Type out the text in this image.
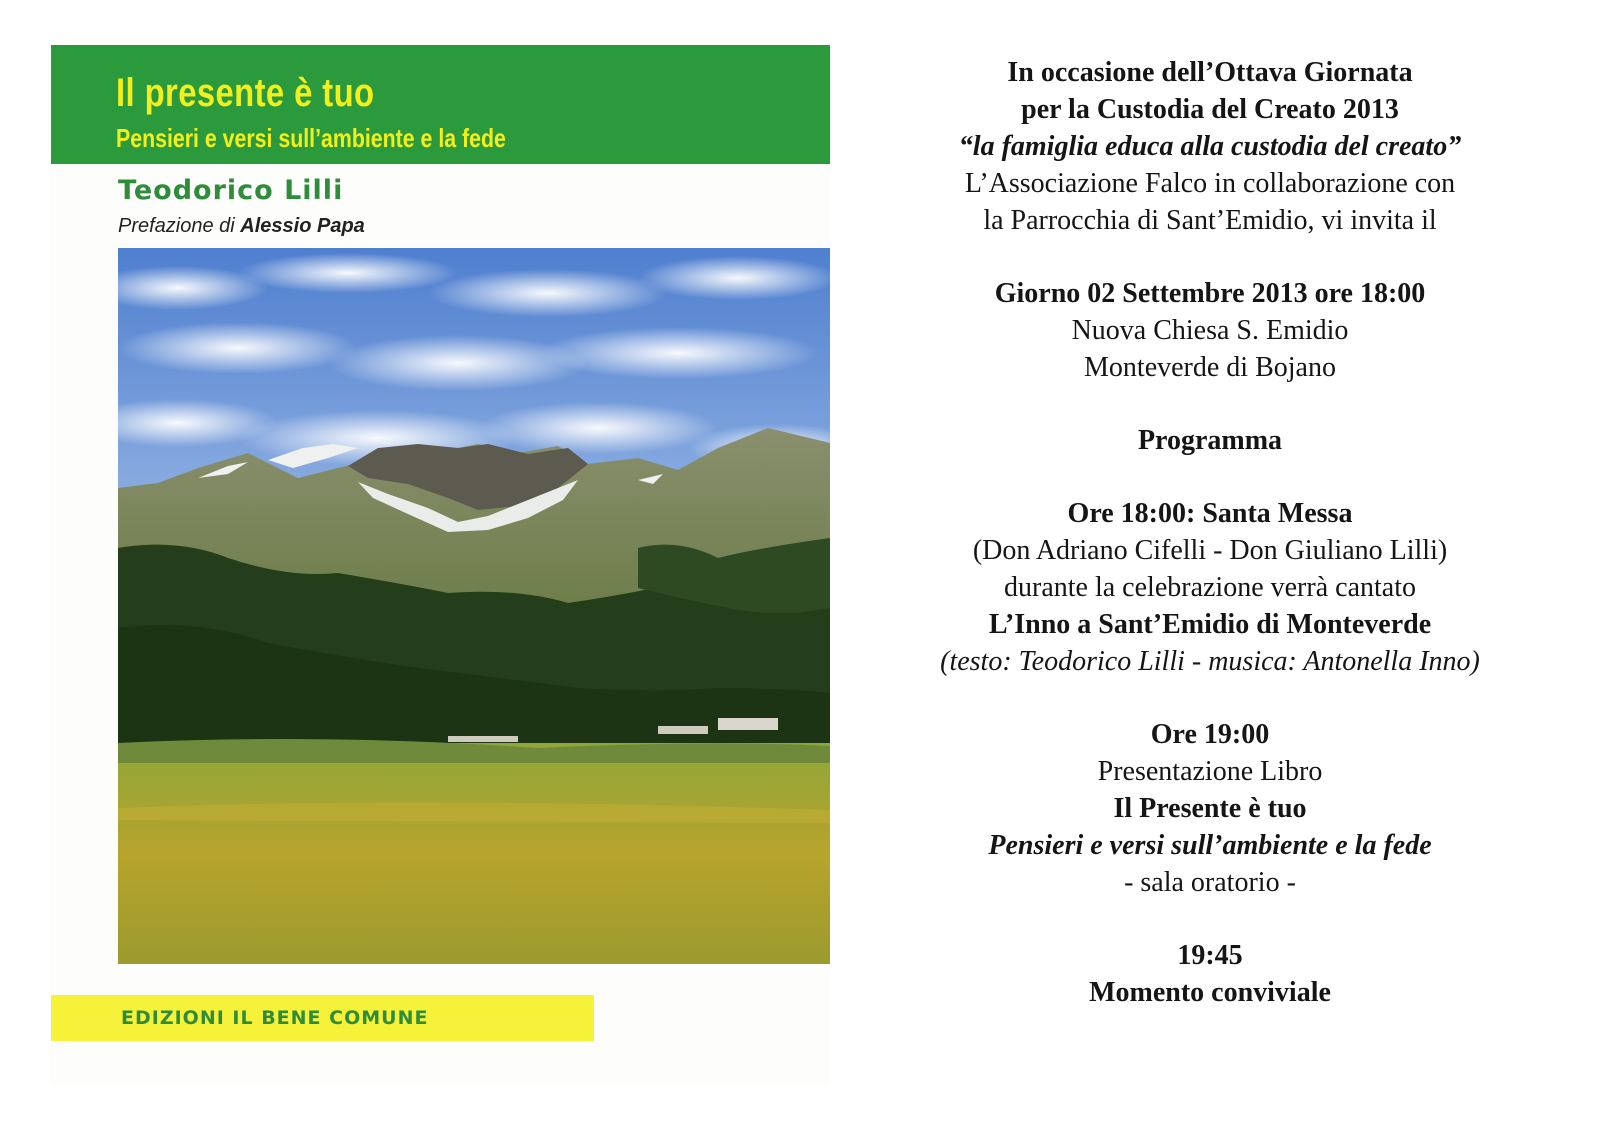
Il presente è tuo

Pensieri e versi sull’ambiente e la fede

Teodorico Lilli

Prefazione di Alessio Papa

EDIZIONI IL BENE COMUNE

In occasione dell’Ottava Giornata

per la Custodia del Creato 2013

“la famiglia educa alla custodia del creato”

L’Associazione Falco in collaborazione con

la Parrocchia di Sant’Emidio, vi invita il

Giorno 02 Settembre 2013 ore 18:00

Nuova Chiesa S. Emidio

Monteverde di Bojano

Programma

Ore 18:00: Santa Messa

(Don Adriano Cifelli - Don Giuliano Lilli)

durante la celebrazione verrà cantato

L’Inno a Sant’Emidio di Monteverde

(testo: Teodorico Lilli - musica: Antonella Inno)

Ore 19:00

Presentazione Libro

Il Presente è tuo

Pensieri e versi sull’ambiente e la fede

- sala oratorio -

19:45

Momento conviviale
